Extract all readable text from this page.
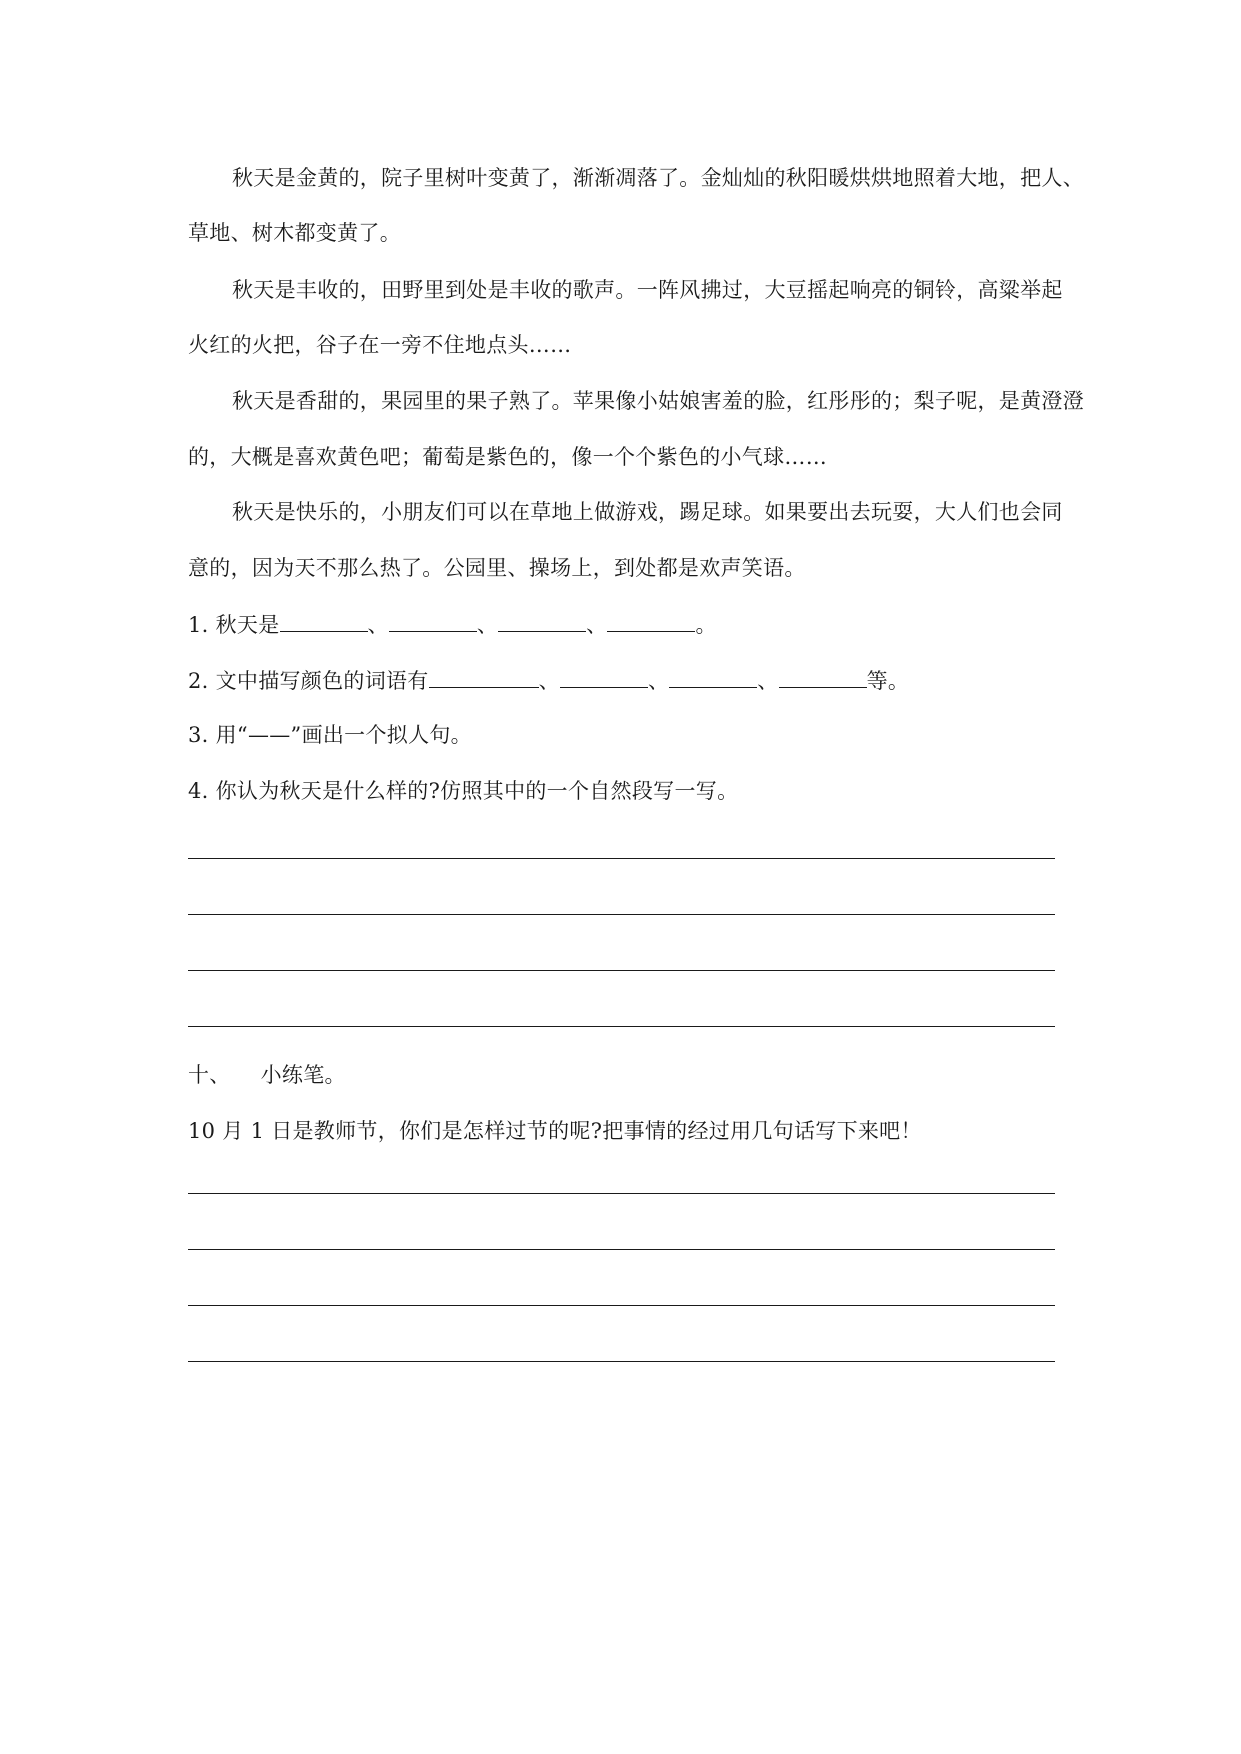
秋天是金黄的，院子里树叶变黄了，渐渐凋落了。金灿灿的秋阳暖烘烘地照着大地，把人、
草地、树木都变黄了。
秋天是丰收的，田野里到处是丰收的歌声。一阵风拂过，大豆摇起响亮的铜铃，高粱举起
火红的火把，谷子在一旁不住地点头……
秋天是香甜的，果园里的果子熟了。苹果像小姑娘害羞的脸，红彤彤的；梨子呢，是黄澄澄
的，大概是喜欢黄色吧；葡萄是紫色的，像一个个紫色的小气球……
秋天是快乐的，小朋友们可以在草地上做游戏，踢足球。如果要出去玩耍，大人们也会同
意的，因为天不那么热了。公园里、操场上，到处都是欢声笑语。
1. 秋天是	、	、	、	。
2. 文中描写颜色的词语有	、	、	、	等。
3. 用“——”画出一个拟人句。
4. 你认为秋天是什么样的?仿照其中的一个自然段写一写。
十、 小练笔。
10 月 1 日是教师节，你们是怎样过节的呢?把事情的经过用几句话写下来吧！
